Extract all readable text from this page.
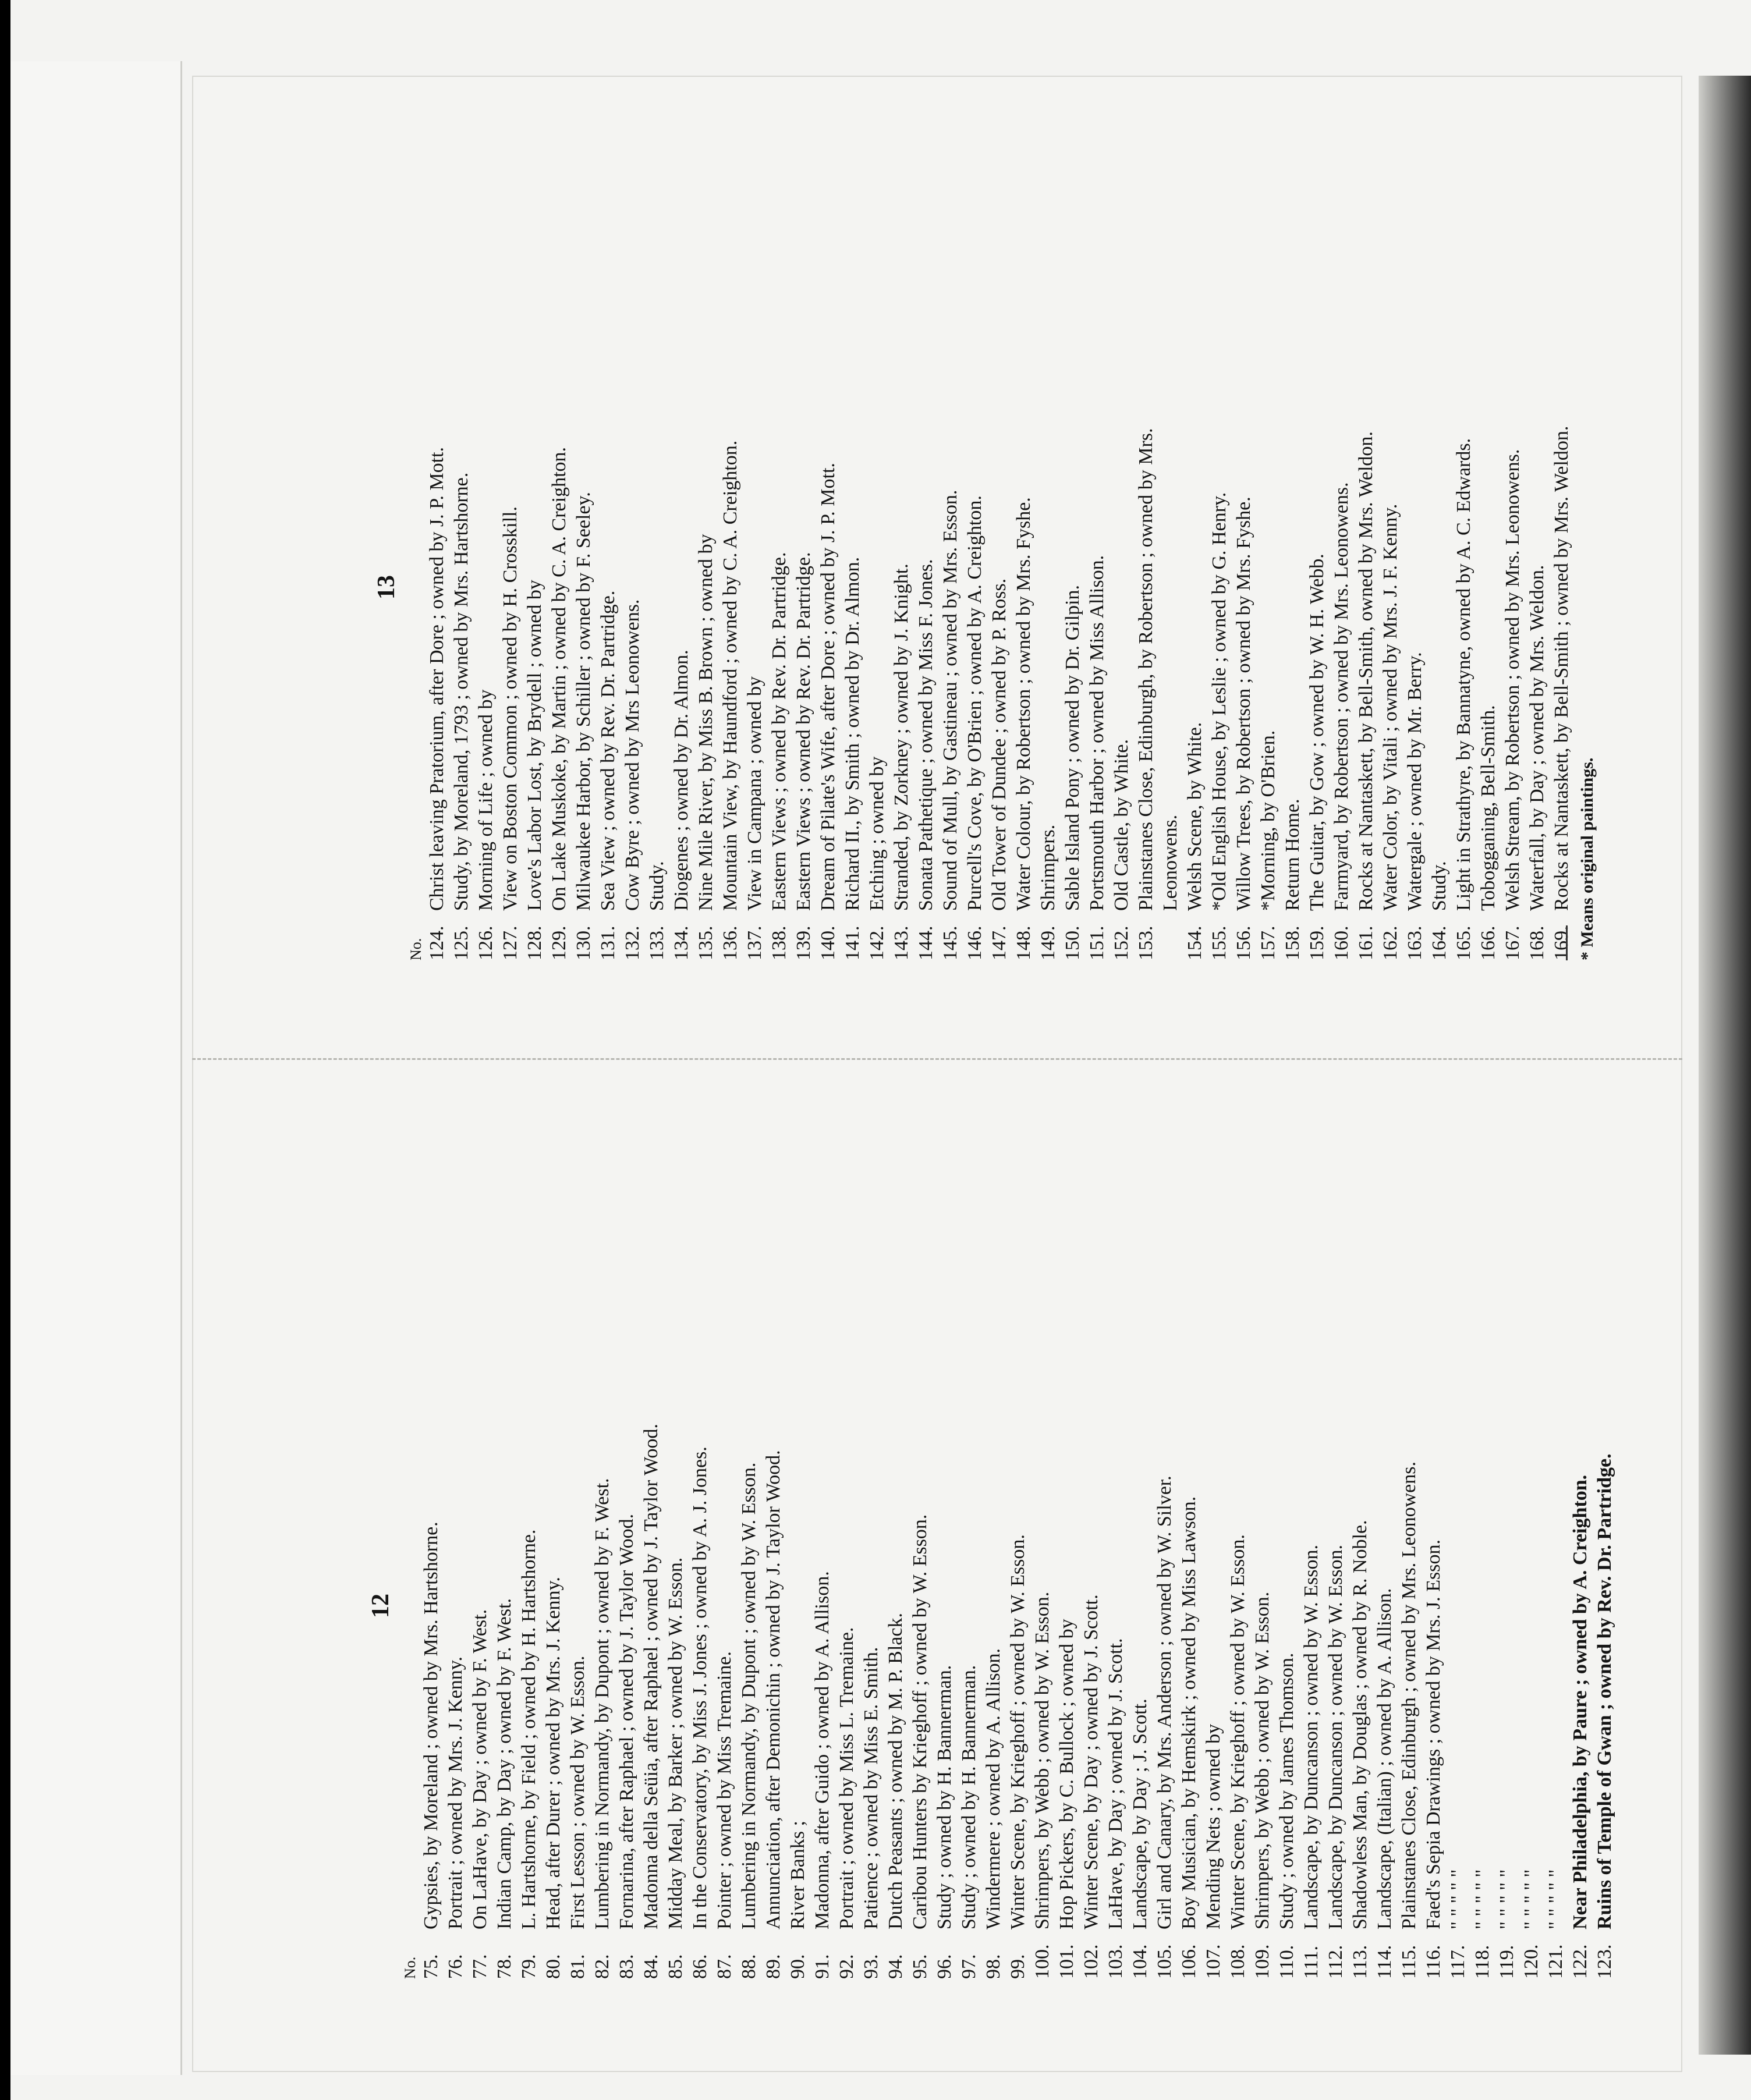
13
No. 124.
Christ leaving Pratorium, after Dore ; owned by J. P. Mott.
125.
Study, by Moreland, 1793 ; owned by Mrs. Hartshorne.
126.
Morning of Life ; owned by
127.
View on Boston Common ; owned by H. Crosskill.
128.
Love's Labor Lost, by Brydell ; owned by
129.
On Lake Muskoke, by Martin ; owned by C. A. Creighton.
130.
Milwaukee Harbor, by Schiller ; owned by F. Seeley.
131.
Sea View ; owned by Rev. Dr. Partridge.
132.
Cow Byre ; owned by Mrs Leonowens.
133.
Study.
134.
Diogenes ; owned by Dr. Almon.
135.
Nine Mile River, by Miss B. Brown ; owned by
136.
Mountain View, by Haundford ; owned by C. A. Creighton.
137.
View in Campana ; owned by
138.
Eastern Views ; owned by Rev. Dr. Partridge.
139.
Eastern Views ; owned by Rev. Dr. Partridge.
140.
Dream of Pilate's Wife, after Dore ; owned by J. P. Mott.
141.
Richard II., by Smith ; owned by Dr. Almon.
142.
Etching ; owned by
143.
Stranded, by Zorkney ; owned by J. Knight.
144.
Sonata Pathetique ; owned by Miss F. Jones.
145.
Sound of Mull, by Gastineau ; owned by Mrs. Esson.
146.
Purcell's Cove, by O'Brien ; owned by A. Creighton.
147.
Old Tower of Dundee ; owned by P. Ross.
148.
Water Colour, by Robertson ; owned by Mrs. Fyshe.
149.
Shrimpers.
150.
Sable Island Pony ; owned by Dr. Gilpin.
151.
Portsmouth Harbor ; owned by Miss Allison.
152.
Old Castle, by White.
153.
Plainstanes Close, Edinburgh, by Robertson ; owned by Mrs. Leonowens.
154.
Welsh Scene, by White.
155.
*Old English House, by Leslie ; owned by G. Henry.
156.
Willow Trees, by Robertson ; owned by Mrs. Fyshe.
157.
*Morning, by O'Brien.
158.
Return Home.
159.
The Guitar, by Gow ; owned by W. H. Webb.
160.
Farmyard, by Robertson ; owned by Mrs. Leonowens.
161.
Rocks at Nantaskett, by Bell-Smith, owned by Mrs. Weldon.
162.
Water Color, by Vitali ; owned by Mrs. J. F. Kenny.
163.
Watergale ; owned by Mr. Berry.
164.
Study.
165.
Light in Strathyre, by Bannatyne, owned by A. C. Edwards.
166.
Tobogganing, Bell-Smith.
167.
Welsh Stream, by Robertson ; owned by Mrs. Leonowens.
168.
Waterfall, by Day ; owned by Mrs. Weldon.
169.
Rocks at Nantaskett, by Bell-Smith ; owned by Mrs. Weldon. * Means original paintings.
12
No. 75.
Gypsies, by Moreland ; owned by Mrs. Hartshorne.
76.
Portrait ; owned by Mrs. J. Kenny.
77.
On LaHave, by Day ; owned by F. West.
78.
Indian Camp, by Day ; owned by F. West.
79.
L. Hartshorne, by Field ; owned by H. Hartshorne.
80.
Head, after Durer ; owned by Mrs. J. Kenny.
81.
First Lesson ; owned by W. Esson.
82.
Lumbering in Normandy, by Dupont ; owned by F. West.
83.
Fornarina, after Raphael ; owned by J. Taylor Wood.
84.
Madonna della Seüia, after Raphael ; owned by J. Taylor Wood.
85.
Midday Meal, by Barker ; owned by W. Esson.
86.
In the Conservatory, by Miss J. Jones ; owned by A. J. Jones.
87.
Pointer ; owned by Miss Tremaine.
88.
Lumbering in Normandy, by Dupont ; owned by W. Esson.
89.
Annunciation, after Demonichin ; owned by J. Taylor Wood.
90.
River Banks ;
91.
Madonna, after Guido ; owned by A. Allison.
92.
Portrait ; owned by Miss L. Tremaine.
93.
Patience ; owned by Miss E. Smith.
94.
Dutch Peasants ; owned by M. P. Black.
95.
Caribou Hunters by Krieghoff ; owned by W. Esson.
96.
Study ; owned by H. Bannerman.
97.
Study ; owned by H. Bannerman.
98.
Windermere ; owned by A. Allison.
99.
Winter Scene, by Krieghoff ; owned by W. Esson.
100.
Shrimpers, by Webb ; owned by W. Esson.
101.
Hop Pickers, by C. Bullock ; owned by
102.
Winter Scene, by Day ; owned by J. Scott.
103.
LaHave, by Day ; owned by J. Scott.
104.
Landscape, by Day ; J. Scott.
105.
Girl and Canary, by Mrs. Anderson ; owned by W. Silver.
106.
Boy Musician, by Hemskirk ; owned by Miss Lawson.
107.
Mending Nets ; owned by
108.
Winter Scene, by Krieghoff ; owned by W. Esson.
109.
Shrimpers, by Webb ; owned by W. Esson.
110.
Study ; owned by James Thomson.
111.
Landscape, by Duncanson ; owned by W. Esson.
112.
Landscape, by Duncanson ; owned by W. Esson.
113.
Shadowless Man, by Douglas ; owned by R. Noble.
114.
Landscape, (Italian) ; owned by A. Allison.
115.
Plainstanes Close, Edinburgh ; owned by Mrs. Leonowens.
116.
Faed's Sepia Drawings ; owned by Mrs. J. Esson.
117.
" " " " "
118.
" " " " "
119.
" " " " "
120.
" " " " "
121.
" " " " "
122.
Near Philadelphia, by Paure ; owned by A. Creighton.
123.
Ruins of Temple of Gwan ; owned by Rev. Dr. Partridge.
